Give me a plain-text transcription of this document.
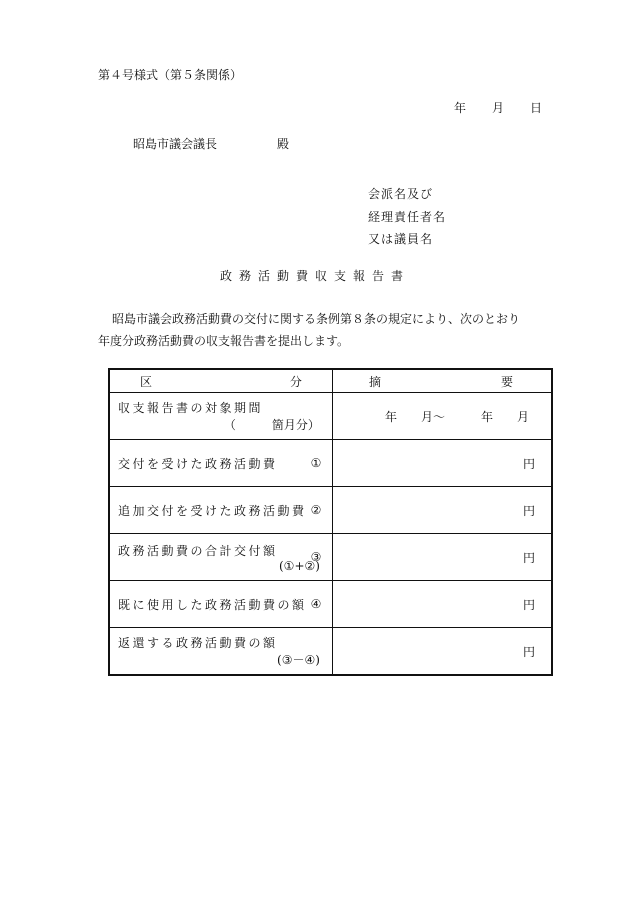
第４号様式（第５条関係）
年 月 日
昭島市議会議長	殿
会派名及び
経理責任者名
又は議員名
政務活動費収支報告書
昭島市議会政務活動費の交付に関する条例第８条の規定により、次のとおり
年度分政務活動費の収支報告書を提出します。
区 分	摘 要

収支報告書の対象期間
（　　　箇月分）	年　　 月～ 年　　 月

交付を受けた政務活動費 ①	円

追加交付を受けた政務活動費 ②	円

政務活動費の合計交付額
(①+②)
③	円

既に使用した政務活動費の額 ④	円

返還する政務活動費の額
(③－④)	円
